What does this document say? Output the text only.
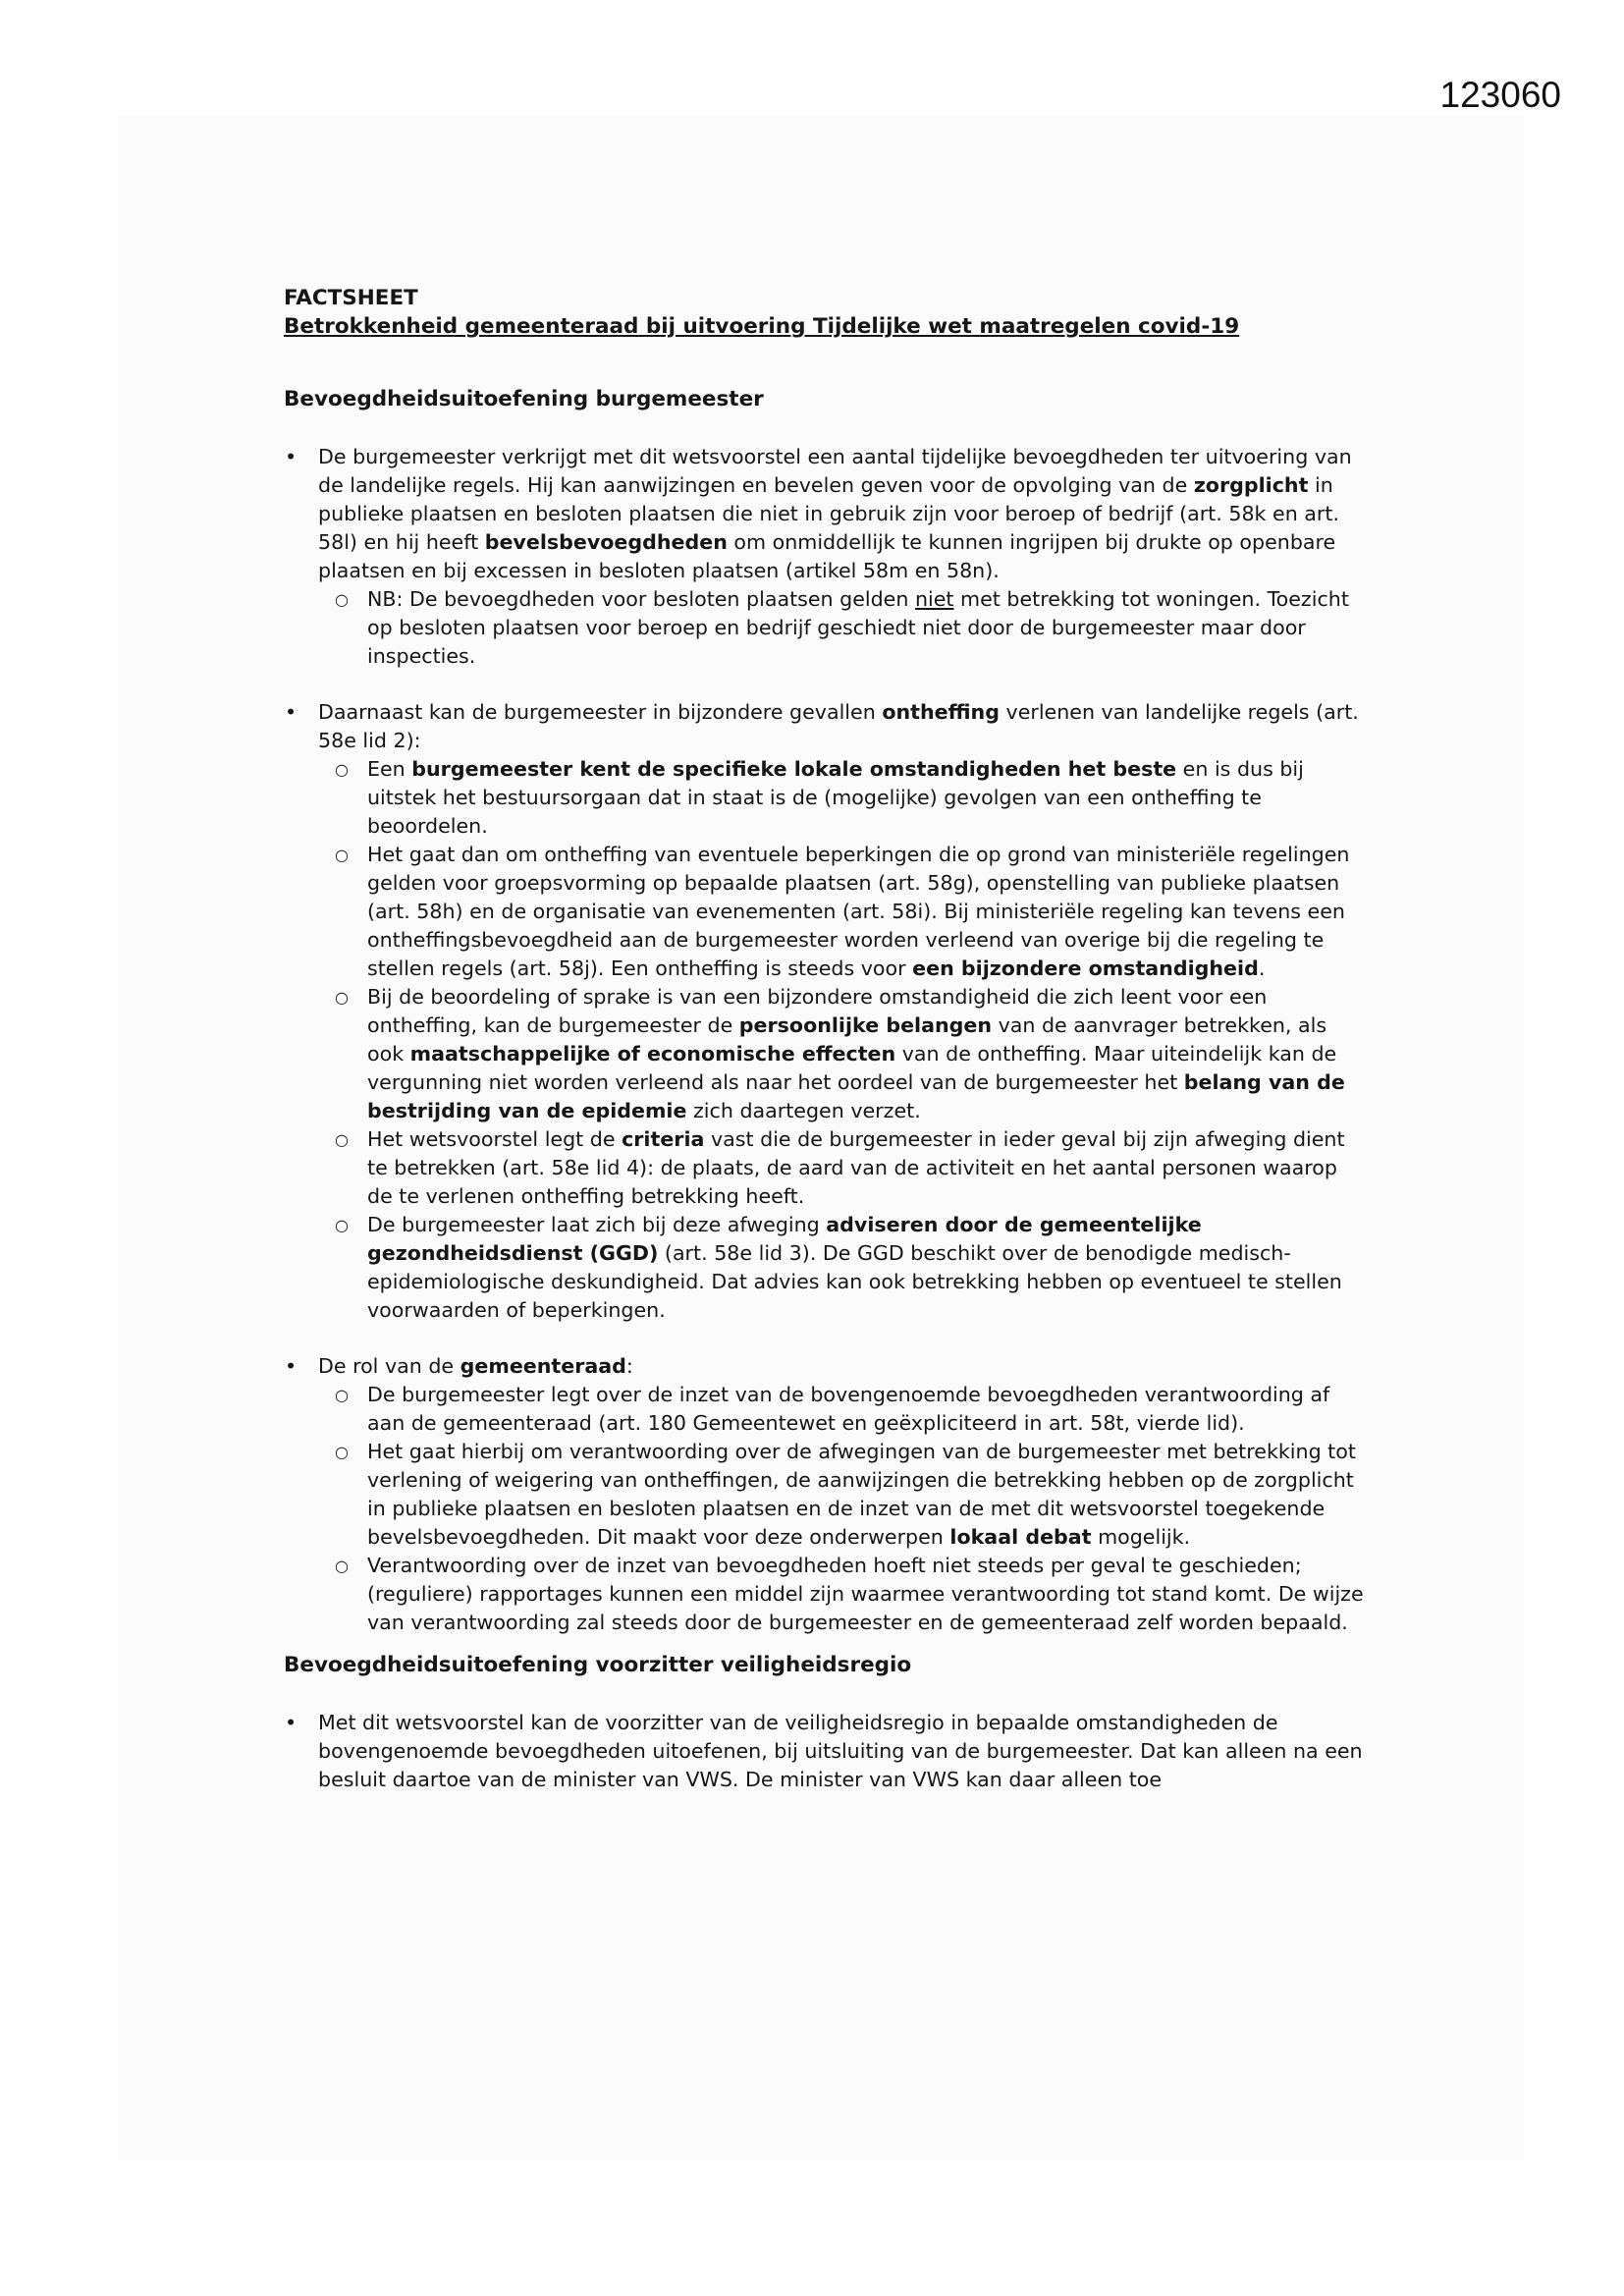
123060
FACTSHEET
Betrokkenheid gemeenteraad bij uitvoering Tijdelijke wet maatregelen covid-19
Bevoegdheidsuitoefening burgemeester
• De burgemeester verkrijgt met dit wetsvoorstel een aantal tijdelijke bevoegdheden ter uitvoering van de landelijke regels. Hij kan aanwijzingen en bevelen geven voor de opvolging van de zorgplicht in publieke plaatsen en besloten plaatsen die niet in gebruik zijn voor beroep of bedrijf (art. 58k en art. 58l) en hij heeft bevelsbevoegdheden om onmiddellijk te kunnen ingrijpen bij drukte op openbare plaatsen en bij excessen in besloten plaatsen (artikel 58m en 58n).
○ NB: De bevoegdheden voor besloten plaatsen gelden niet met betrekking tot woningen. Toezicht op besloten plaatsen voor beroep en bedrijf geschiedt niet door de burgemeester maar door inspecties.
• Daarnaast kan de burgemeester in bijzondere gevallen ontheffing verlenen van landelijke regels (art. 58e lid 2):
○ Een burgemeester kent de specifieke lokale omstandigheden het beste en is dus bij uitstek het bestuursorgaan dat in staat is de (mogelijke) gevolgen van een ontheffing te beoordelen.
○ Het gaat dan om ontheffing van eventuele beperkingen die op grond van ministeriële regelingen gelden voor groepsvorming op bepaalde plaatsen (art. 58g), openstelling van publieke plaatsen (art. 58h) en de organisatie van evenementen (art. 58i). Bij ministeriële regeling kan tevens een ontheffingsbevoegdheid aan de burgemeester worden verleend van overige bij die regeling te stellen regels (art. 58j). Een ontheffing is steeds voor een bijzondere omstandigheid.
○ Bij de beoordeling of sprake is van een bijzondere omstandigheid die zich leent voor een ontheffing, kan de burgemeester de persoonlijke belangen van de aanvrager betrekken, als ook maatschappelijke of economische effecten van de ontheffing. Maar uiteindelijk kan de vergunning niet worden verleend als naar het oordeel van de burgemeester het belang van de bestrijding van de epidemie zich daartegen verzet.
○ Het wetsvoorstel legt de criteria vast die de burgemeester in ieder geval bij zijn afweging dient te betrekken (art. 58e lid 4): de plaats, de aard van de activiteit en het aantal personen waarop de te verlenen ontheffing betrekking heeft.
○ De burgemeester laat zich bij deze afweging adviseren door de gemeentelijke gezondheidsdienst (GGD) (art. 58e lid 3). De GGD beschikt over de benodigde medisch-epidemiologische deskundigheid. Dat advies kan ook betrekking hebben op eventueel te stellen voorwaarden of beperkingen.
• De rol van de gemeenteraad:
○ De burgemeester legt over de inzet van de bovengenoemde bevoegdheden verantwoording af aan de gemeenteraad (art. 180 Gemeentewet en geëxpliciteerd in art. 58t, vierde lid).
○ Het gaat hierbij om verantwoording over de afwegingen van de burgemeester met betrekking tot verlening of weigering van ontheffingen, de aanwijzingen die betrekking hebben op de zorgplicht in publieke plaatsen en besloten plaatsen en de inzet van de met dit wetsvoorstel toegekende bevelsbevoegdheden. Dit maakt voor deze onderwerpen lokaal debat mogelijk.
○ Verantwoording over de inzet van bevoegdheden hoeft niet steeds per geval te geschieden; (reguliere) rapportages kunnen een middel zijn waarmee verantwoording tot stand komt. De wijze van verantwoording zal steeds door de burgemeester en de gemeenteraad zelf worden bepaald.
Bevoegdheidsuitoefening voorzitter veiligheidsregio
• Met dit wetsvoorstel kan de voorzitter van de veiligheidsregio in bepaalde omstandigheden de bovengenoemde bevoegdheden uitoefenen, bij uitsluiting van de burgemeester. Dat kan alleen na een besluit daartoe van de minister van VWS. De minister van VWS kan daar alleen toe
